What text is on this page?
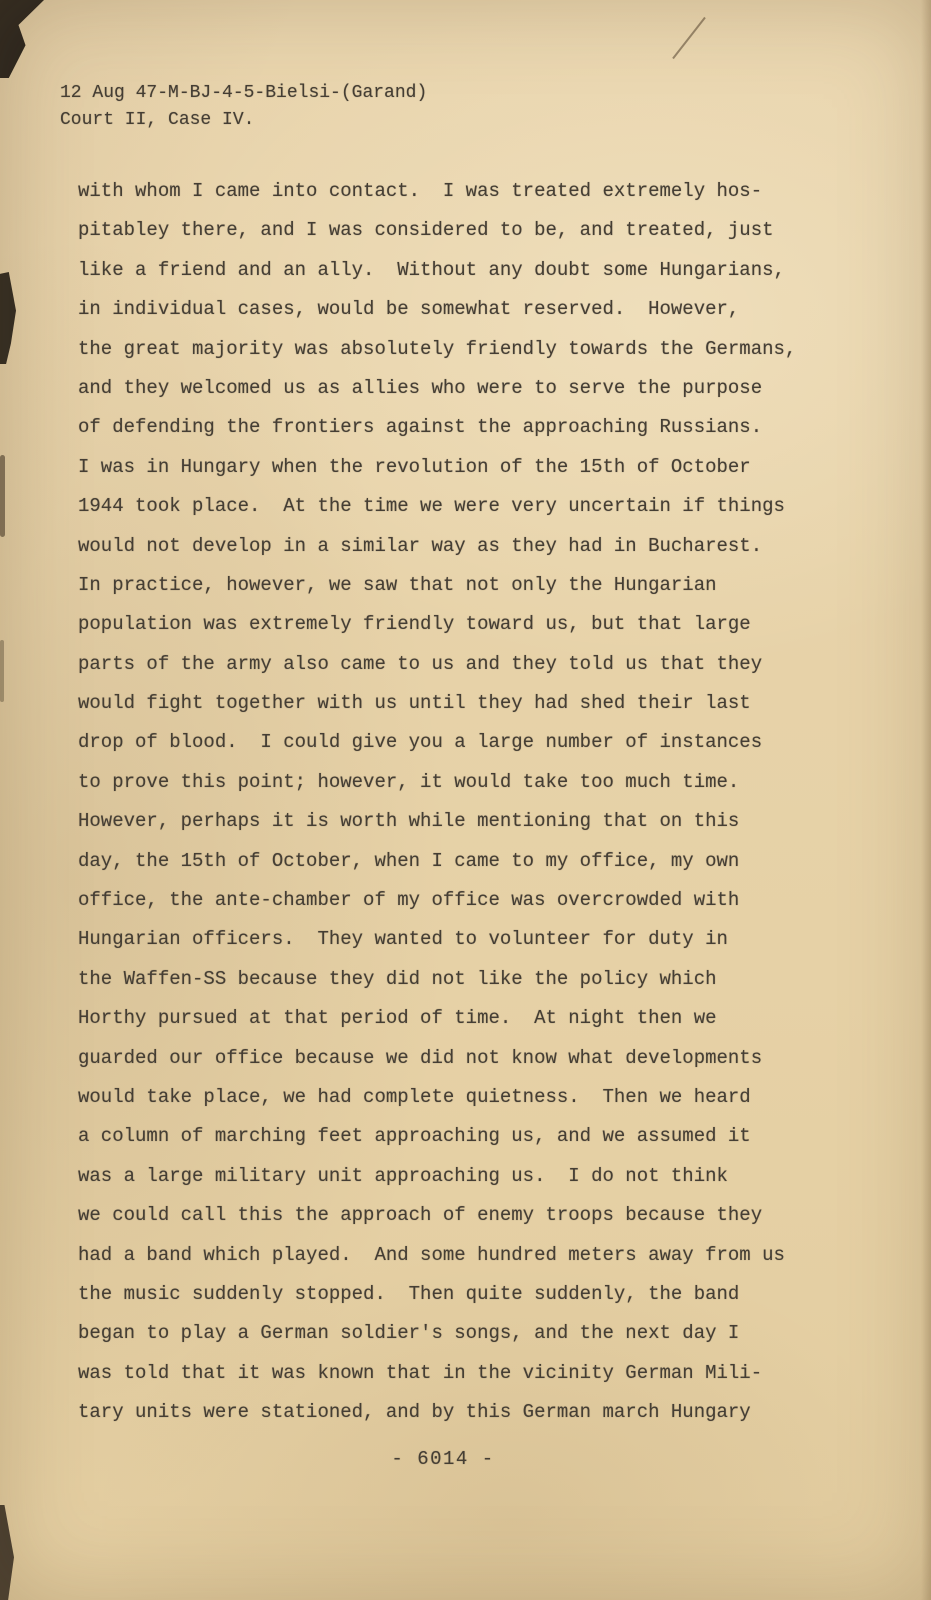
12 Aug 47-M-BJ-4-5-Bielsi-(Garand)
Court II, Case IV.
with whom I came into contact.  I was treated extremely hos-
pitabley there, and I was considered to be, and treated, just
like a friend and an ally.  Without any doubt some Hungarians,
in individual cases, would be somewhat reserved.  However,
the great majority was absolutely friendly towards the Germans,
and they welcomed us as allies who were to serve the purpose
of defending the frontiers against the approaching Russians.
I was in Hungary when the revolution of the 15th of October
1944 took place.  At the time we were very uncertain if things
would not develop in a similar way as they had in Bucharest.
In practice, however, we saw that not only the Hungarian
population was extremely friendly toward us, but that large
parts of the army also came to us and they told us that they
would fight together with us until they had shed their last
drop of blood.  I could give you a large number of instances
to prove this point; however, it would take too much time.
However, perhaps it is worth while mentioning that on this
day, the 15th of October, when I came to my office, my own
office, the ante-chamber of my office was overcrowded with
Hungarian officers.  They wanted to volunteer for duty in
the Waffen-SS because they did not like the policy which
Horthy pursued at that period of time.  At night then we
guarded our office because we did not know what developments
would take place, we had complete quietness.  Then we heard
a column of marching feet approaching us, and we assumed it
was a large military unit approaching us.  I do not think
we could call this the approach of enemy troops because they
had a band which played.  And some hundred meters away from us
the music suddenly stopped.  Then quite suddenly, the band
began to play a German soldier's songs, and the next day I
was told that it was known that in the vicinity German Mili-
tary units were stationed, and by this German march Hungary
- 6014 -
